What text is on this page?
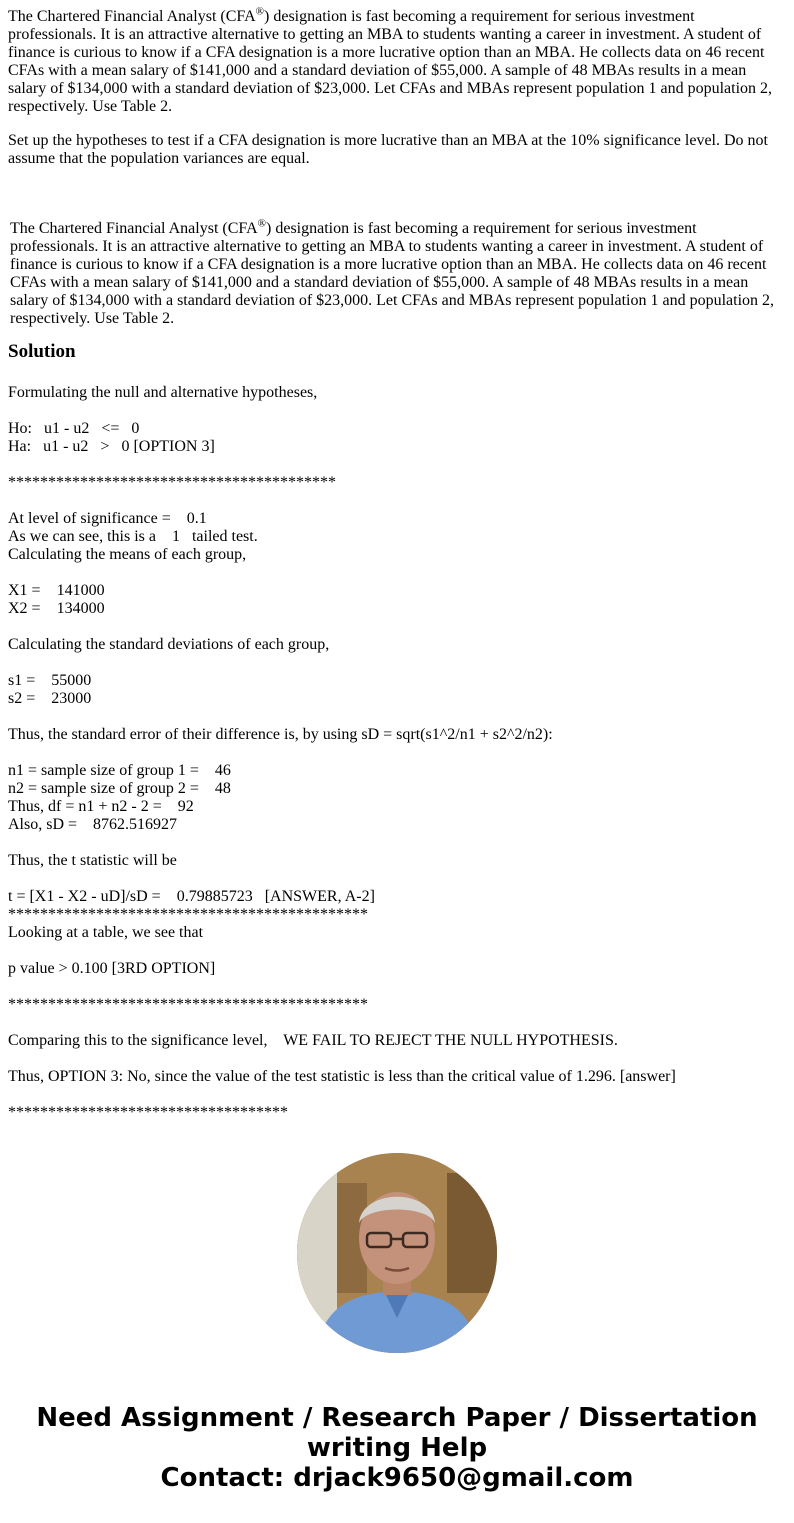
The Chartered Financial Analyst (CFA®) designation is fast becoming a requirement for serious investment professionals. It is an attractive alternative to getting an MBA to students wanting a career in investment. A student of finance is curious to know if a CFA designation is a more lucrative option than an MBA. He collects data on 46 recent CFAs with a mean salary of $141,000 and a standard deviation of $55,000. A sample of 48 MBAs results in a mean salary of $134,000 with a standard deviation of $23,000. Let CFAs and MBAs represent population 1 and population 2, respectively. Use Table 2.

Set up the hypotheses to test if a CFA designation is more lucrative than an MBA at the 10% significance level. Do not assume that the population variances are equal.

The Chartered Financial Analyst (CFA®) designation is fast becoming a requirement for serious investment professionals. It is an attractive alternative to getting an MBA to students wanting a career in investment. A student of finance is curious to know if a CFA designation is a more lucrative option than an MBA. He collects data on 46 recent CFAs with a mean salary of $141,000 and a standard deviation of $55,000. A sample of 48 MBAs results in a mean salary of $134,000 with a standard deviation of $23,000. Let CFAs and MBAs represent population 1 and population 2, respectively. Use Table 2.

Solution
Formulating the null and alternative hypotheses,
Ho:   u1 - u2   <=   0
Ha:   u1 - u2   >   0 [OPTION 3]
*****************************************
At level of significance =    0.1
As we can see, this is a    1   tailed test.
Calculating the means of each group,
X1 =    141000
X2 =    134000
Calculating the standard deviations of each group,
s1 =    55000
s2 =    23000
Thus, the standard error of their difference is, by using sD = sqrt(s1^2/n1 + s2^2/n2):
n1 = sample size of group 1 =    46
n2 = sample size of group 2 =    48
Thus, df = n1 + n2 - 2 =    92
Also, sD =    8762.516927
Thus, the t statistic will be
t = [X1 - X2 - uD]/sD =    0.79885723   [ANSWER, A-2]
*********************************************
Looking at a table, we see that
p value > 0.100 [3RD OPTION]
*********************************************
Comparing this to the significance level,    WE FAIL TO REJECT THE NULL HYPOTHESIS.
Thus, OPTION 3: No, since the value of the test statistic is less than the critical value of 1.296. [answer]
***********************************
Need Assignment / Research Paper / Dissertation
writing Help
Contact: drjack9650@gmail.com
